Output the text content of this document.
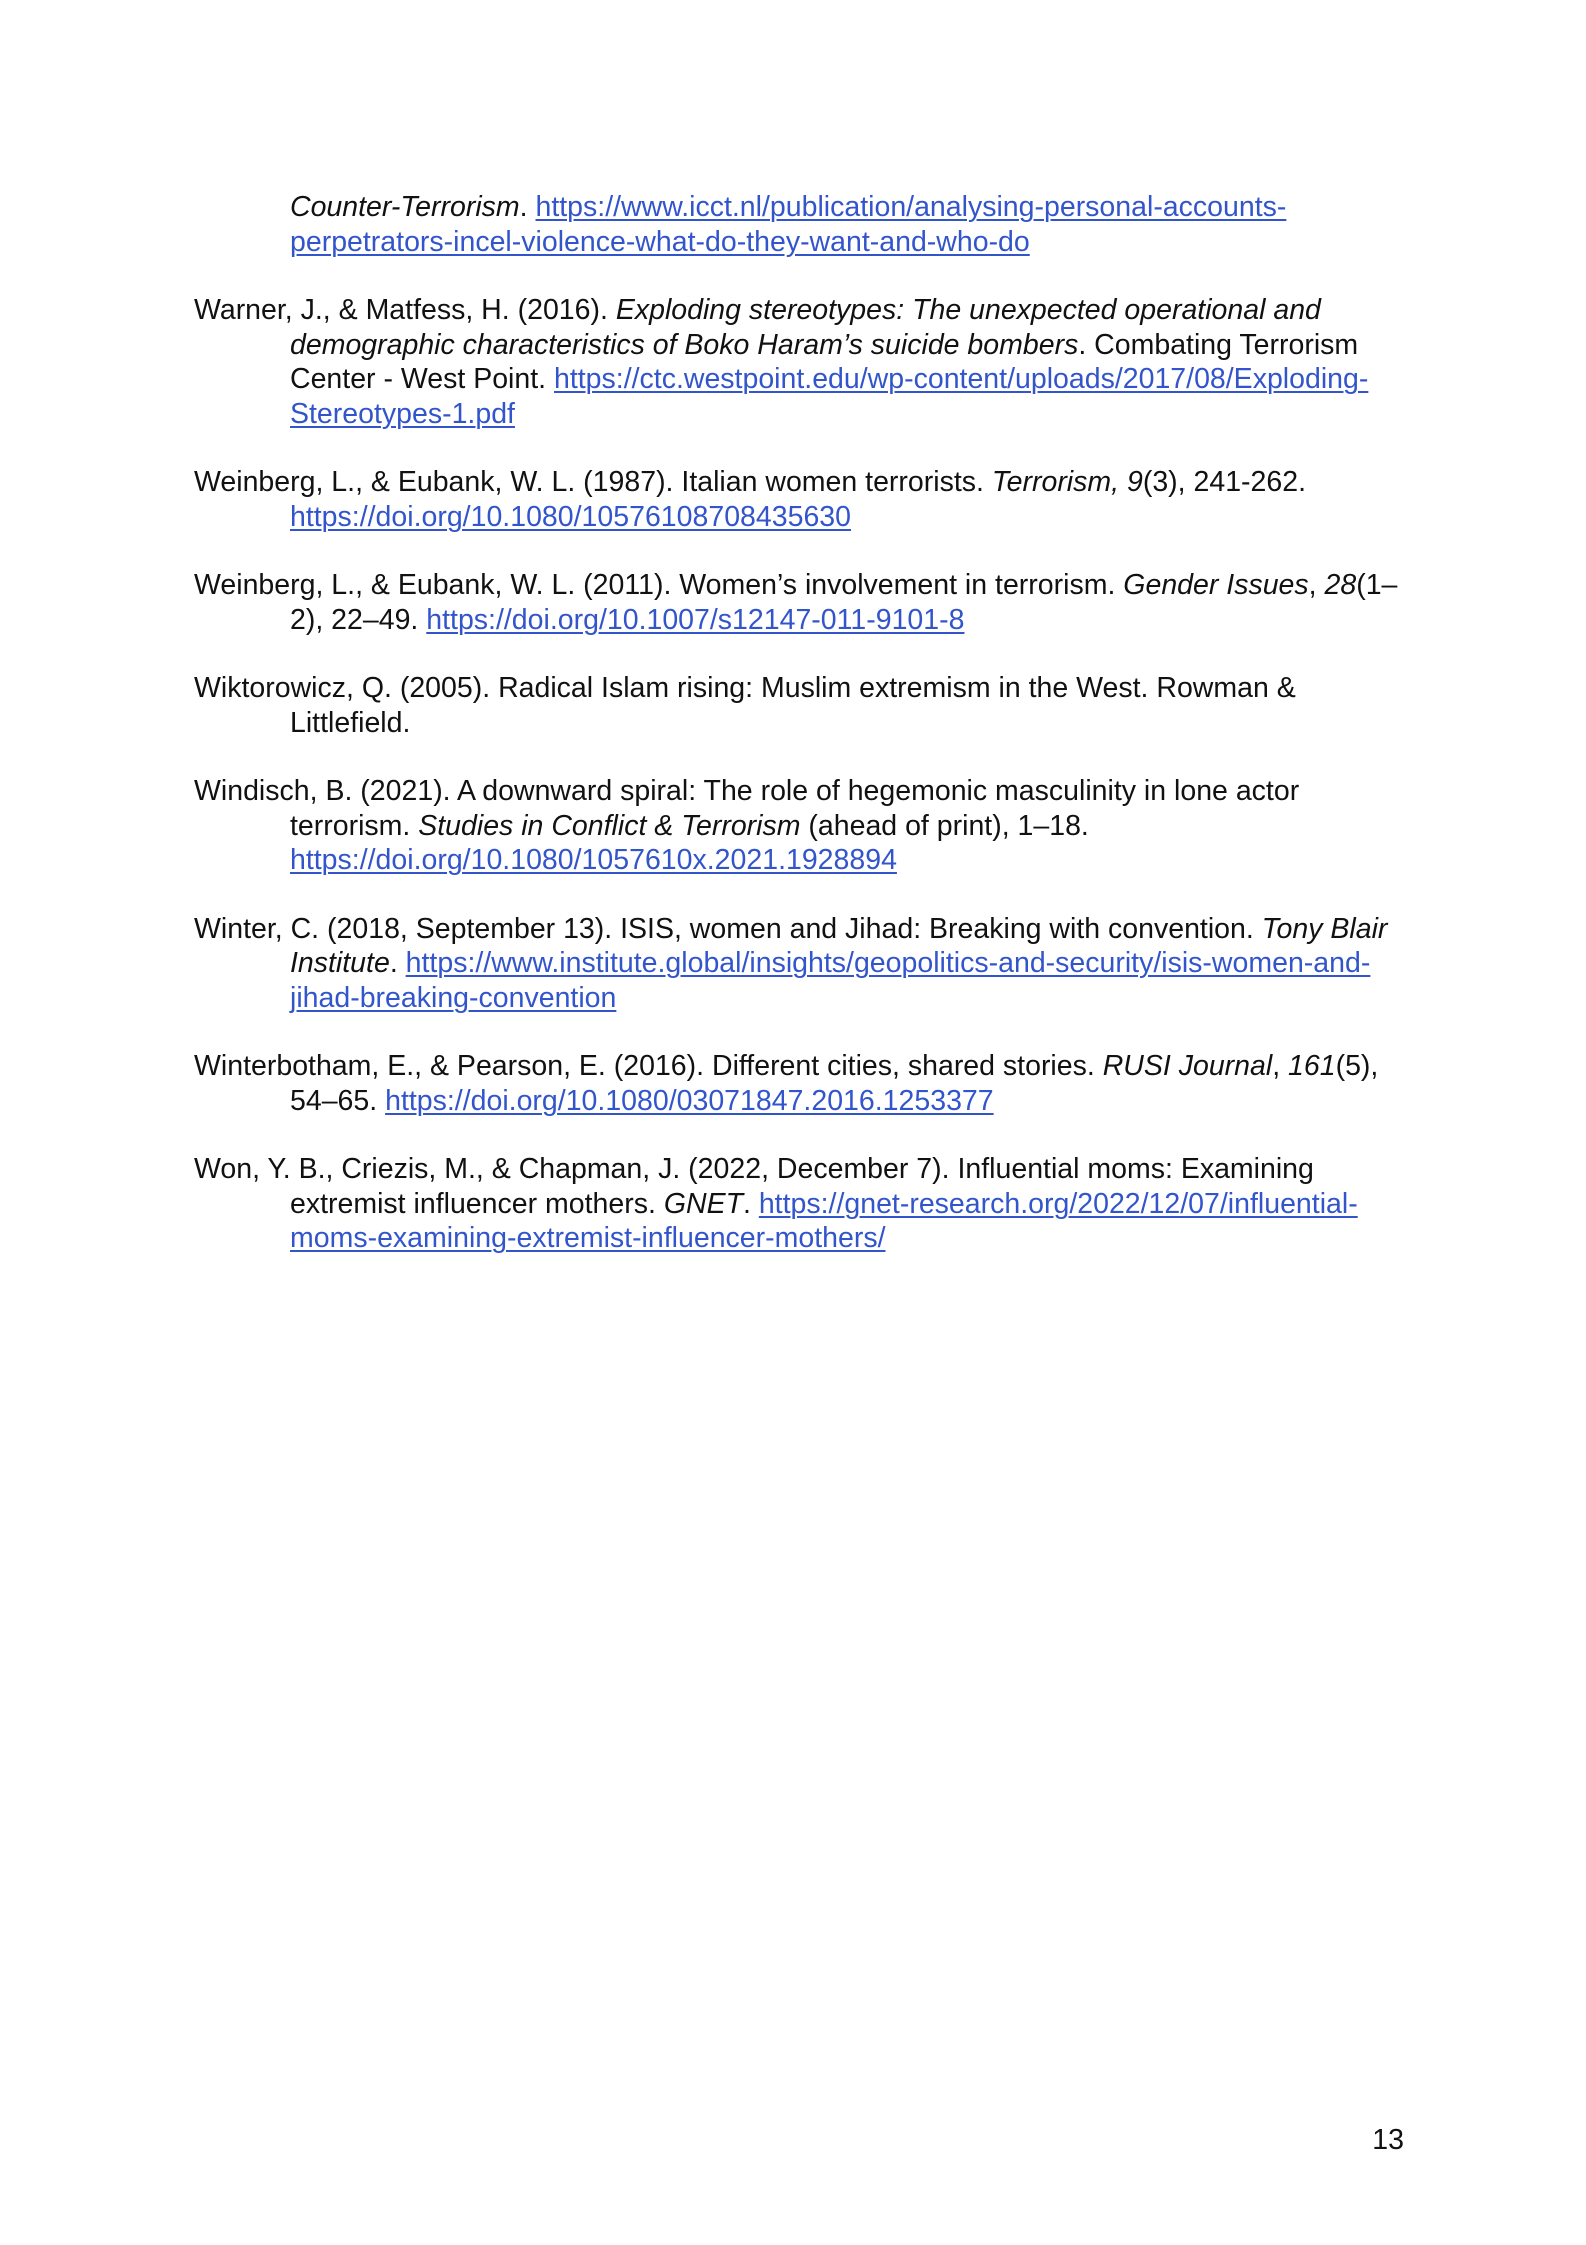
Counter-Terrorism. https://www.icct.nl/publication/analysing-personal-accounts-perpetrators-incel-violence-what-do-they-want-and-who-do

Warner, J., & Matfess, H. (2016). Exploding stereotypes: The unexpected operational and demographic characteristics of Boko Haram’s suicide bombers. Combating Terrorism Center - West Point. https://ctc.westpoint.edu/wp-content/uploads/2017/08/Exploding-Stereotypes-1.pdf

Weinberg, L., & Eubank, W. L. (1987). Italian women terrorists. Terrorism, 9(3), 241-262. https://doi.org/10.1080/10576108708435630

Weinberg, L., & Eubank, W. L. (2011). Women’s involvement in terrorism. Gender Issues, 28(1–2), 22–49. https://doi.org/10.1007/s12147-011-9101-8

Wiktorowicz, Q. (2005). Radical Islam rising: Muslim extremism in the West. Rowman & Littlefield.

Windisch, B. (2021). A downward spiral: The role of hegemonic masculinity in lone actor terrorism. Studies in Conflict & Terrorism (ahead of print), 1–18. https://doi.org/10.1080/1057610x.2021.1928894

Winter, C. (2018, September 13). ISIS, women and Jihad: Breaking with convention. Tony Blair Institute. https://www.institute.global/insights/geopolitics-and-security/isis-women-and-jihad-breaking-convention

Winterbotham, E., & Pearson, E. (2016). Different cities, shared stories. RUSI Journal, 161(5), 54–65. https://doi.org/10.1080/03071847.2016.1253377

Won, Y. B., Criezis, M., & Chapman, J. (2022, December 7). Influential moms: Examining extremist influencer mothers. GNET. https://gnet-research.org/2022/12/07/influential-moms-examining-extremist-influencer-mothers/

13
